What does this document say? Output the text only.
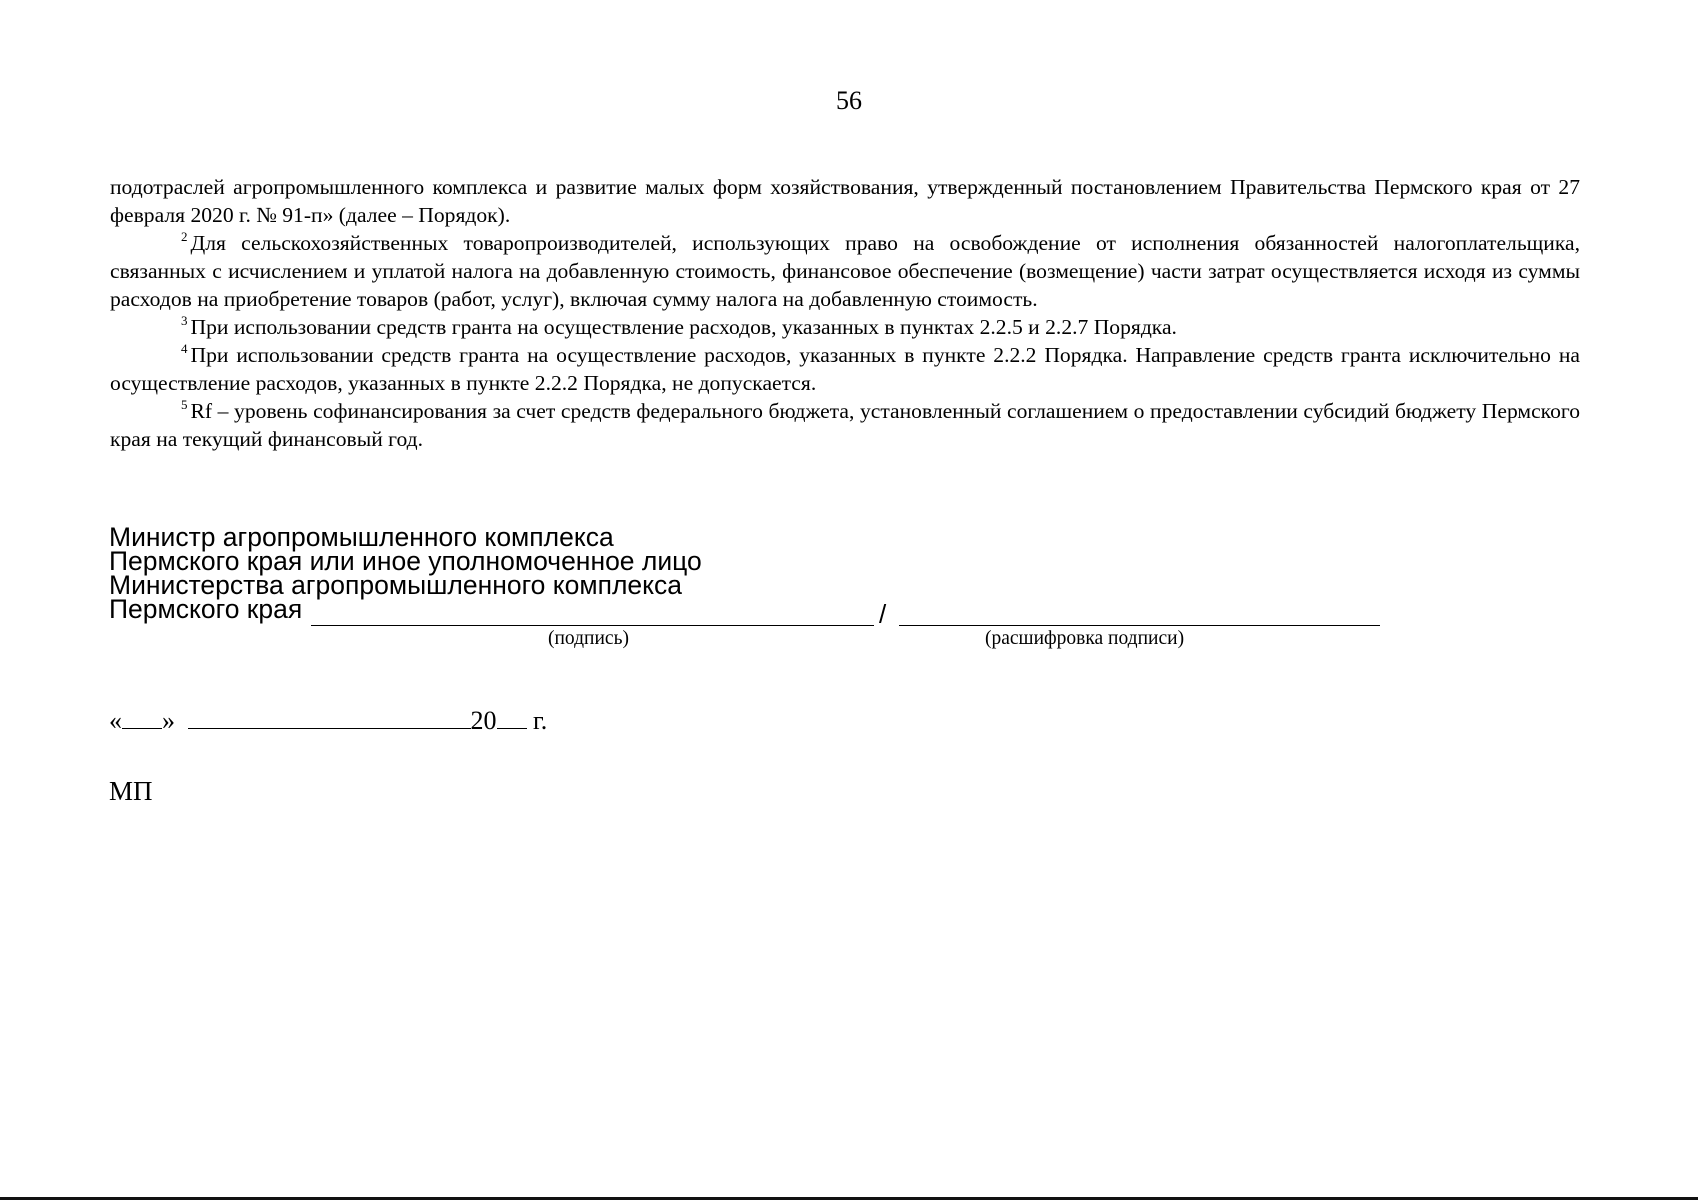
56

подотраслей агропромышленного комплекса и развитие малых форм хозяйствования, утвержденный постановлением Правительства Пермского края от 27 февраля 2020 г. № 91-п» (далее – Порядок).

$^2$ Для сельскохозяйственных товаропроизводителей, использующих право на освобождение от исполнения обязанностей налогоплательщика, связанных с исчислением и уплатой налога на добавленную стоимость, финансовое обеспечение (возмещение) части затрат осуществляется исходя из суммы расходов на приобретение товаров (работ, услуг), включая сумму налога на добавленную стоимость.

$^3$ При использовании средств гранта на осуществление расходов, указанных в пунктах 2.2.5 и 2.2.7 Порядка.

$^4$ При использовании средств гранта на осуществление расходов, указанных в пункте 2.2.2 Порядка. Направление средств гранта исключительно на осуществление расходов, указанных в пункте 2.2.2 Порядка, не допускается.

$^5$ Rf – уровень софинансирования за счет средств федерального бюджета, установленный соглашением о предоставлении субсидий бюджету Пермского края на текущий финансовый год.

Министр агропромышленного комплекса
Пермского края или иное уполномоченное лицо
Министерства агропромышленного комплекса
Пермского края	/
(подпись)	(расшифровка подписи)
« »	20 г.
МП
